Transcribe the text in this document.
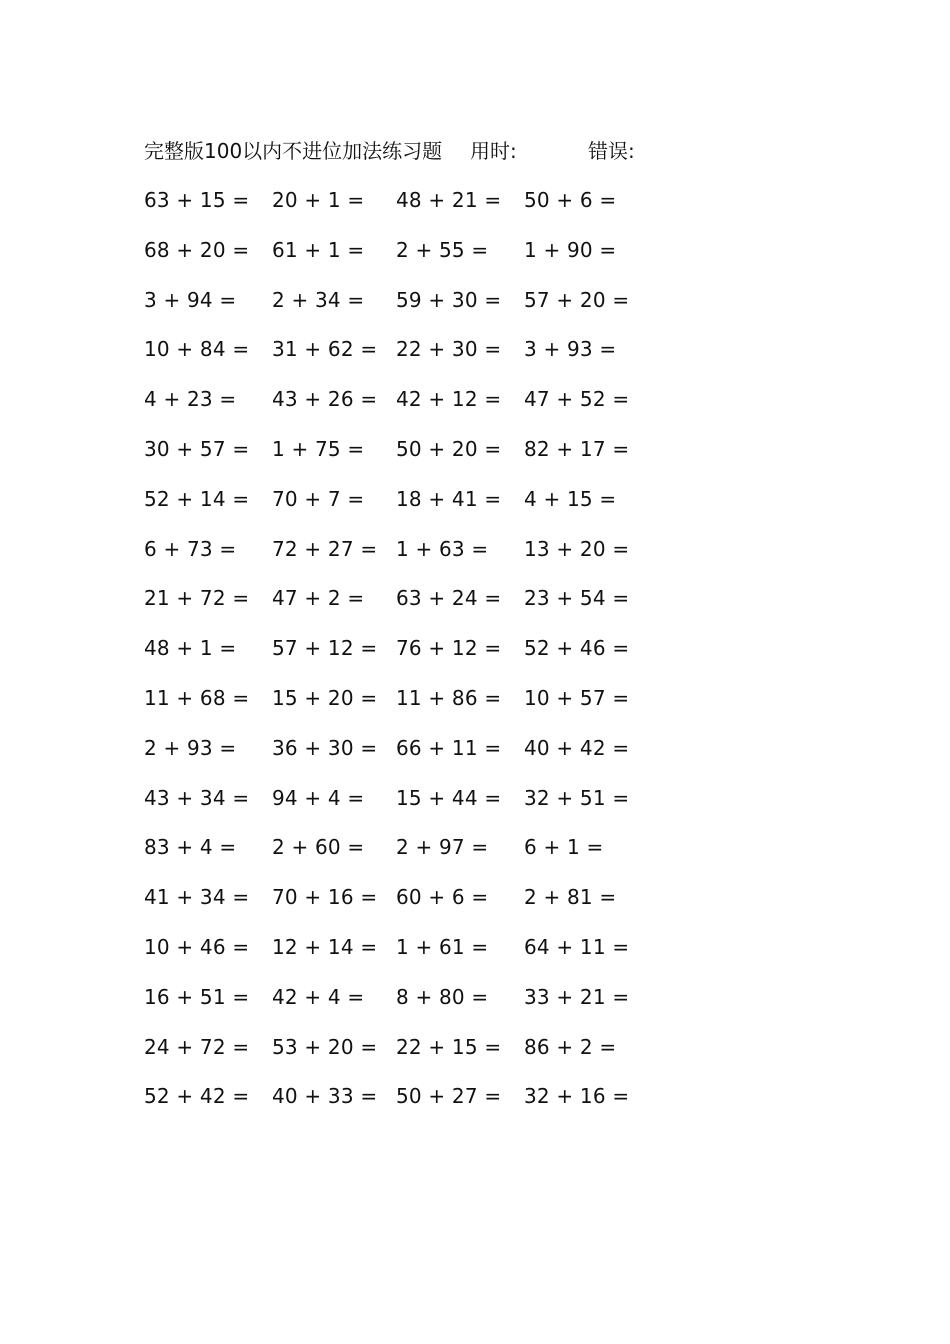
完整版100以内不进位加法练习题 用时:	错误:
63 + 15 =	20 + 1 =	48 + 21 =	50 + 6 =
68 + 20 =	61 + 1 =	2 + 55 =	1 + 90 =
3 + 94 =	2 + 34 =	59 + 30 =	57 + 20 =
10 + 84 =	31 + 62 = 22 + 30 =	3 + 93 =
4 + 23 =	43 + 26 = 42 + 12 =	47 + 52 =
30 + 57 =	1 + 75 =	50 + 20 =	82 + 17 =
52 + 14 =	70 + 7 =	18 + 41 =	4 + 15 =
6 + 73 =	72 + 27 = 1 + 63 =	13 + 20 =
21 + 72 =	47 + 2 =	63 + 24 =	23 + 54 =
48 + 1 =	57 + 12 = 76 + 12 =	52 + 46 =
11 + 68 =	15 + 20 = 11 + 86 =	10 + 57 =
2 + 93 =	36 + 30 = 66 + 11 =	40 + 42 =
43 + 34 =	94 + 4 =	15 + 44 =	32 + 51 =
83 + 4 =	2 + 60 =	2 + 97 =	6 + 1 =
41 + 34 =	70 + 16 = 60 + 6 =	2 + 81 =
10 + 46 =	12 + 14 = 1 + 61 =	64 + 11 =
16 + 51 =	42 + 4 =	8 + 80 =	33 + 21 =
24 + 72 =	53 + 20 = 22 + 15 =	86 + 2 =
52 + 42 =	40 + 33 = 50 + 27 =	32 + 16 =
